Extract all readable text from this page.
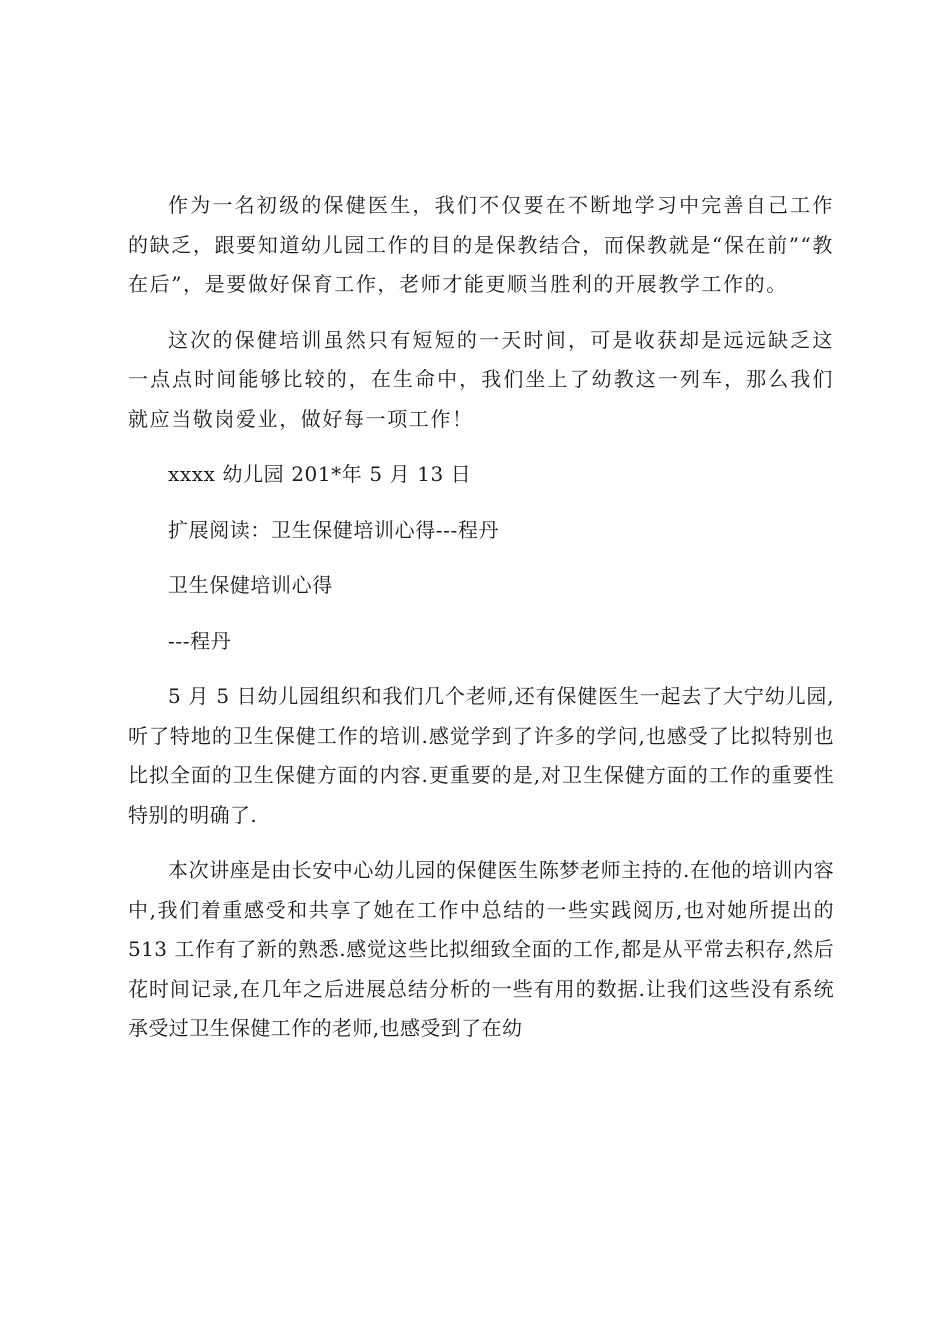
作为一名初级的保健医生，我们不仅要在不断地学习中完善自己工作的缺乏，跟要知道幼儿园工作的目的是保教结合，而保教就是“保在前”“教在后”，是要做好保育工作，老师才能更顺当胜利的开展教学工作的。

这次的保健培训虽然只有短短的一天时间，可是收获却是远远缺乏这一点点时间能够比较的，在生命中，我们坐上了幼教这一列车，那么我们就应当敬岗爱业，做好每一项工作！

xxxx 幼儿园 201*年 5 月 13 日

扩展阅读：卫生保健培训心得---程丹

卫生保健培训心得

---程丹

5 月 5 日幼儿园组织和我们几个老师,还有保健医生一起去了大宁幼儿园,听了特地的卫生保健工作的培训.感觉学到了许多的学问,也感受了比拟特别也比拟全面的卫生保健方面的内容.更重要的是,对卫生保健方面的工作的重要性特别的明确了.

本次讲座是由长安中心幼儿园的保健医生陈梦老师主持的.在他的培训内容中,我们着重感受和共享了她在工作中总结的一些实践阅历,也对她所提出的 513 工作有了新的熟悉.感觉这些比拟细致全面的工作,都是从平常去积存,然后花时间记录,在几年之后进展总结分析的一些有用的数据.让我们这些没有系统承受过卫生保健工作的老师,也感受到了在幼
